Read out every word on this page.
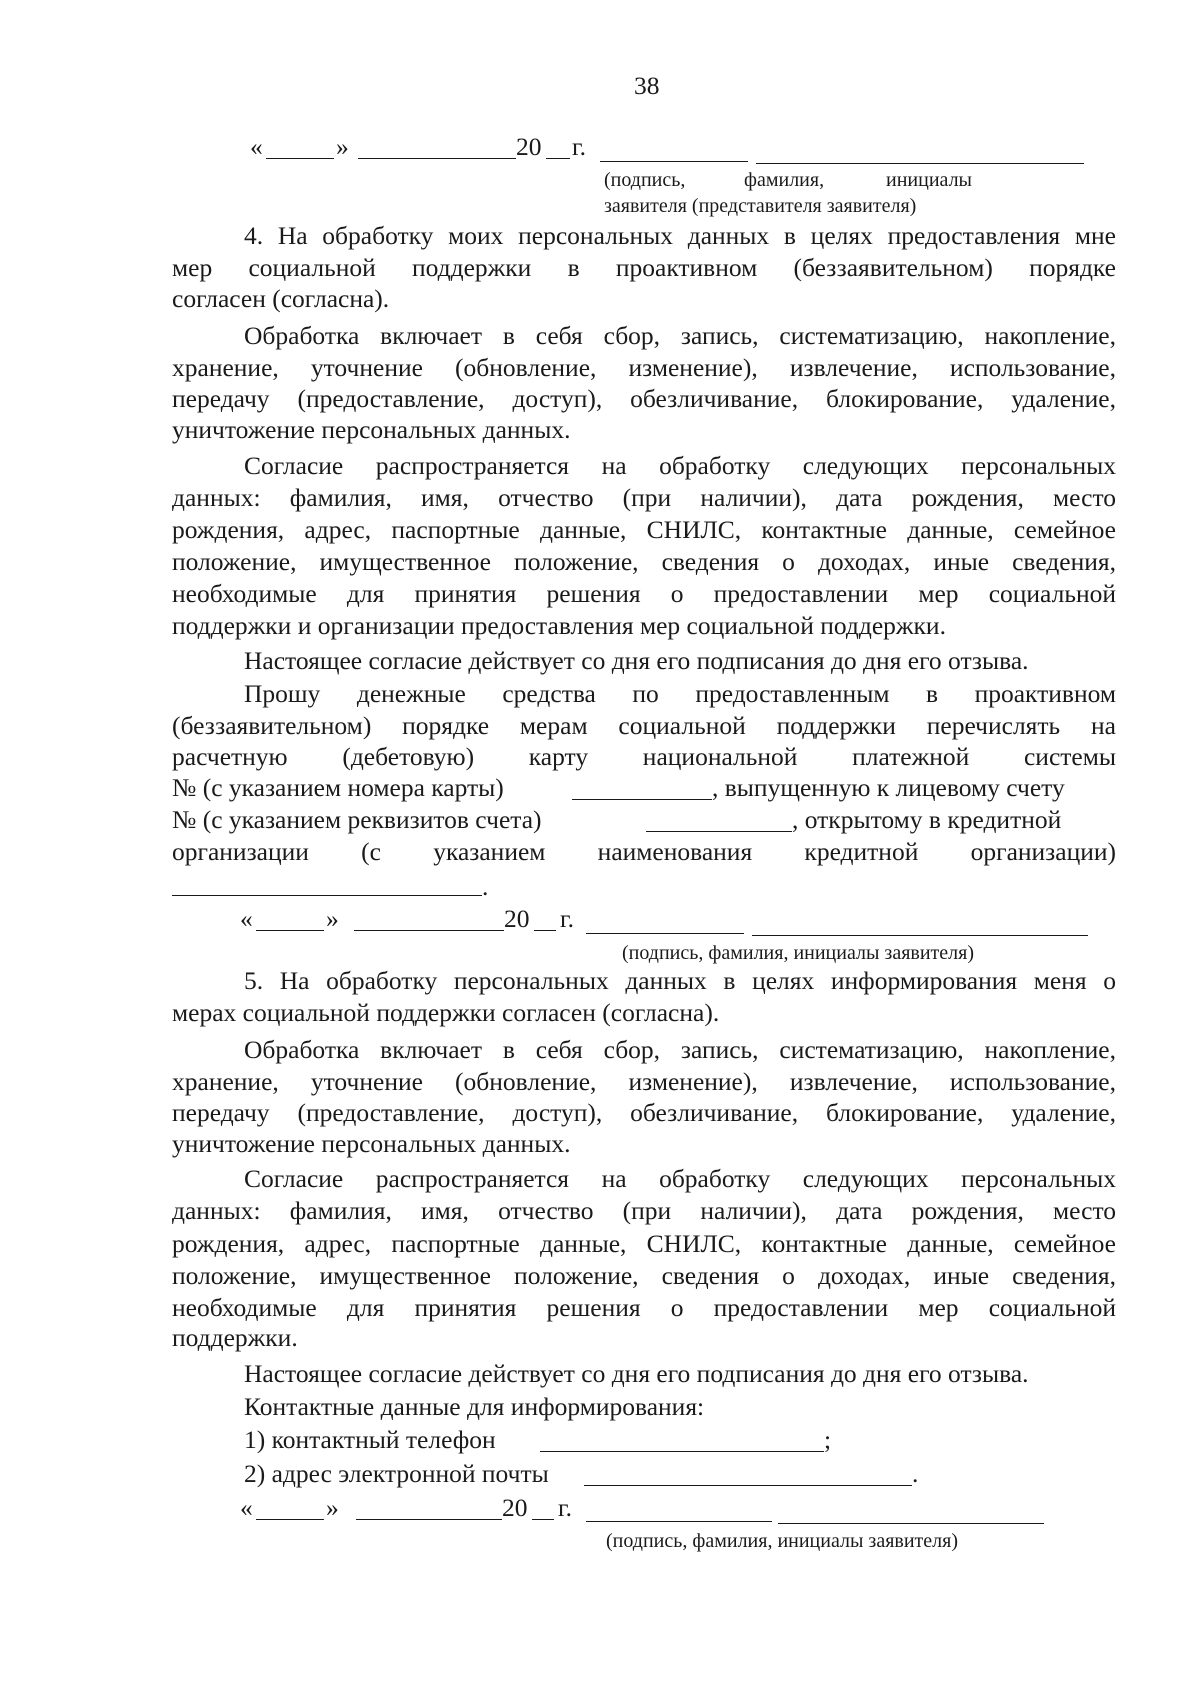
38
«	»	20 г.
(подпись,	фамилия,	инициалы
заявителя (представителя заявителя)
4. На обработку моих персональных данных в целях предоставления мне
мер социальной поддержки в проактивном (беззаявительном) порядке
согласен (согласна).
Обработка включает в себя сбор, запись, систематизацию, накопление,
хранение, уточнение (обновление, изменение), извлечение, использование,
передачу (предоставление, доступ), обезличивание, блокирование, удаление,
уничтожение персональных данных.
Согласие распространяется на обработку следующих персональных
данных: фамилия, имя, отчество (при наличии), дата рождения, место
рождения, адрес, паспортные данные, СНИЛС, контактные данные, семейное
положение, имущественное положение, сведения о доходах, иные сведения,
необходимые для принятия решения о предоставлении мер социальной
поддержки и организации предоставления мер социальной поддержки.
Настоящее согласие действует со дня его подписания до дня его отзыва.
Прошу денежные средства по предоставленным в проактивном
(беззаявительном) порядке мерам социальной поддержки перечислять на
расчетную (дебетовую) карту национальной платежной системы
№ (с указанием номера карты)	, выпущенную к лицевому счету
№ (с указанием реквизитов счета)	, открытому в кредитной
организации (с указанием наименования кредитной организации)
.
«	»	20 г.
(подпись, фамилия, инициалы заявителя)
5. На обработку персональных данных в целях информирования меня о
мерах социальной поддержки согласен (согласна).
Обработка включает в себя сбор, запись, систематизацию, накопление,
хранение, уточнение (обновление, изменение), извлечение, использование,
передачу (предоставление, доступ), обезличивание, блокирование, удаление,
уничтожение персональных данных.
Согласие распространяется на обработку следующих персональных
данных: фамилия, имя, отчество (при наличии), дата рождения, место
рождения, адрес, паспортные данные, СНИЛС, контактные данные, семейное
положение, имущественное положение, сведения о доходах, иные сведения,
необходимые для принятия решения о предоставлении мер социальной
поддержки.
Настоящее согласие действует со дня его подписания до дня его отзыва.
Контактные данные для информирования:
1) контактный телефон	;
2) адрес электронной почты	.
«	»	20 г.
(подпись, фамилия, инициалы заявителя)
